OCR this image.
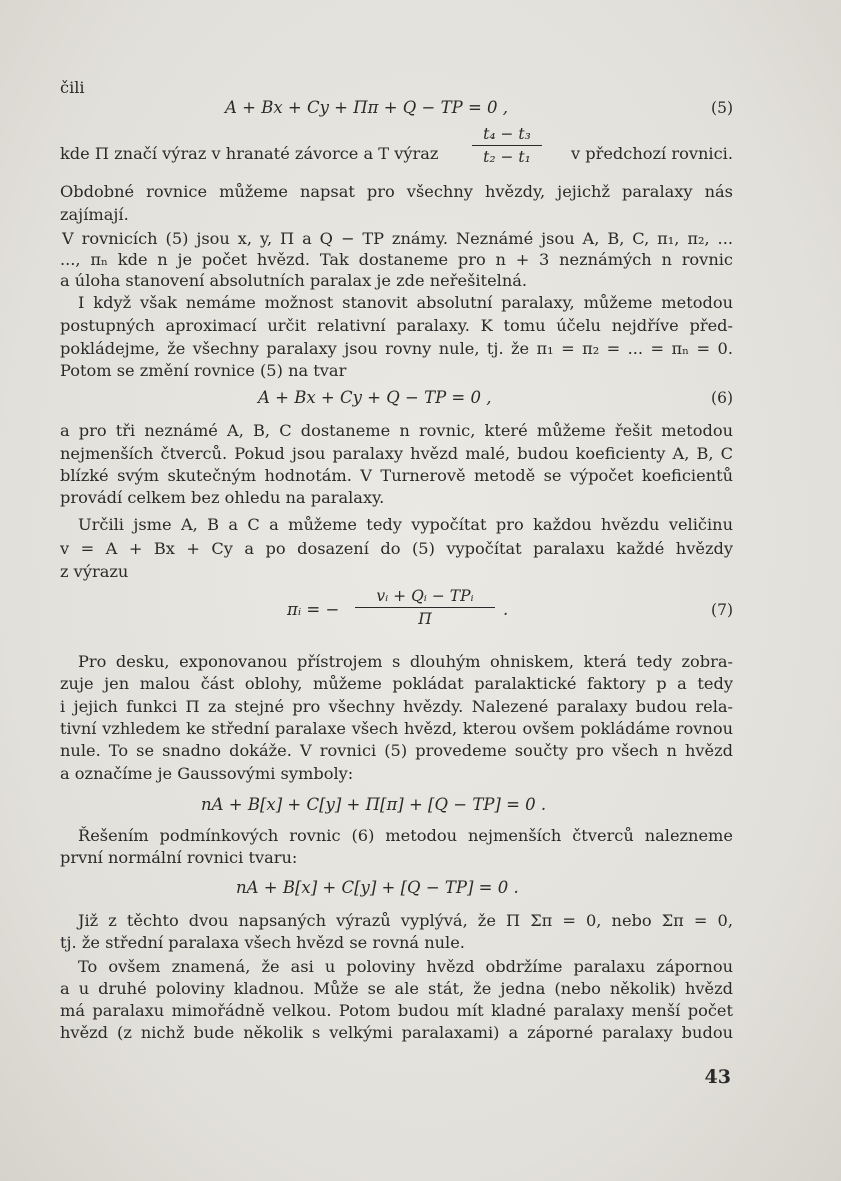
čili
A + Bx + Cy + Ππ + Q − TP = 0 ,	(5)
kde Π značí výraz v hranaté závorce a T výraz
t₄ − t₃
t₂ − t₁	v předchozí rovnici.
Obdobné rovnice můžeme napsat pro všechny hvězdy, jejichž paralaxy nás
zajímají.
V rovnicích (5) jsou x, y, Π a Q − TP známy. Neznámé jsou A, B, C, π₁, π₂, ...
..., πₙ kde n je počet hvězd. Tak dostaneme pro n + 3 neznámých n rovnic
a úloha stanovení absolutních paralax je zde neřešitelná.
I když však nemáme možnost stanovit absolutní paralaxy, můžeme metodou
postupných aproximací určit relativní paralaxy. K tomu účelu nejdříve před-
pokládejme, že všechny paralaxy jsou rovny nule, tj. že π₁ = π₂ = ... = πₙ = 0.
Potom se změní rovnice (5) na tvar
A + Bx + Cy + Q − TP = 0 ,	(6)
a pro tři neznámé A, B, C dostaneme n rovnic, které můžeme řešit metodou
nejmenších čtverců. Pokud jsou paralaxy hvězd malé, budou koeficienty A, B, C
blízké svým skutečným hodnotám. V Turnerově metodě se výpočet koeficientů
provádí celkem bez ohledu na paralaxy.
Určili jsme A, B a C a můžeme tedy vypočítat pro každou hvězdu veličinu
v = A + Bx + Cy a po dosazení do (5) vypočítat paralaxu každé hvězdy
z výrazu
πᵢ = −
vᵢ + Qᵢ − TPᵢ
Π	.	(7)
Pro desku, exponovanou přístrojem s dlouhým ohniskem, která tedy zobra-
zuje jen malou část oblohy, můžeme pokládat paralaktické faktory p a tedy
i jejich funkci Π za stejné pro všechny hvězdy. Nalezené paralaxy budou rela-
tivní vzhledem ke střední paralaxe všech hvězd, kterou ovšem pokládáme rovnou
nule. To se snadno dokáže. V rovnici (5) provedeme součty pro všech n hvězd
a označíme je Gaussovými symboly:
nA + B[x] + C[y] + Π[π] + [Q − TP] = 0 .
Řešením podmínkových rovnic (6) metodou nejmenších čtverců nalezneme
první normální rovnici tvaru:
nA + B[x] + C[y] + [Q − TP] = 0 .
Již z těchto dvou napsaných výrazů vyplývá, že Π Σπ = 0, nebo Σπ = 0,
tj. že střední paralaxa všech hvězd se rovná nule.
To ovšem znamená, že asi u poloviny hvězd obdržíme paralaxu zápornou
a u druhé poloviny kladnou. Může se ale stát, že jedna (nebo několik) hvězd
má paralaxu mimořádně velkou. Potom budou mít kladné paralaxy menší počet
hvězd (z nichž bude několik s velkými paralaxami) a záporné paralaxy budou
43
